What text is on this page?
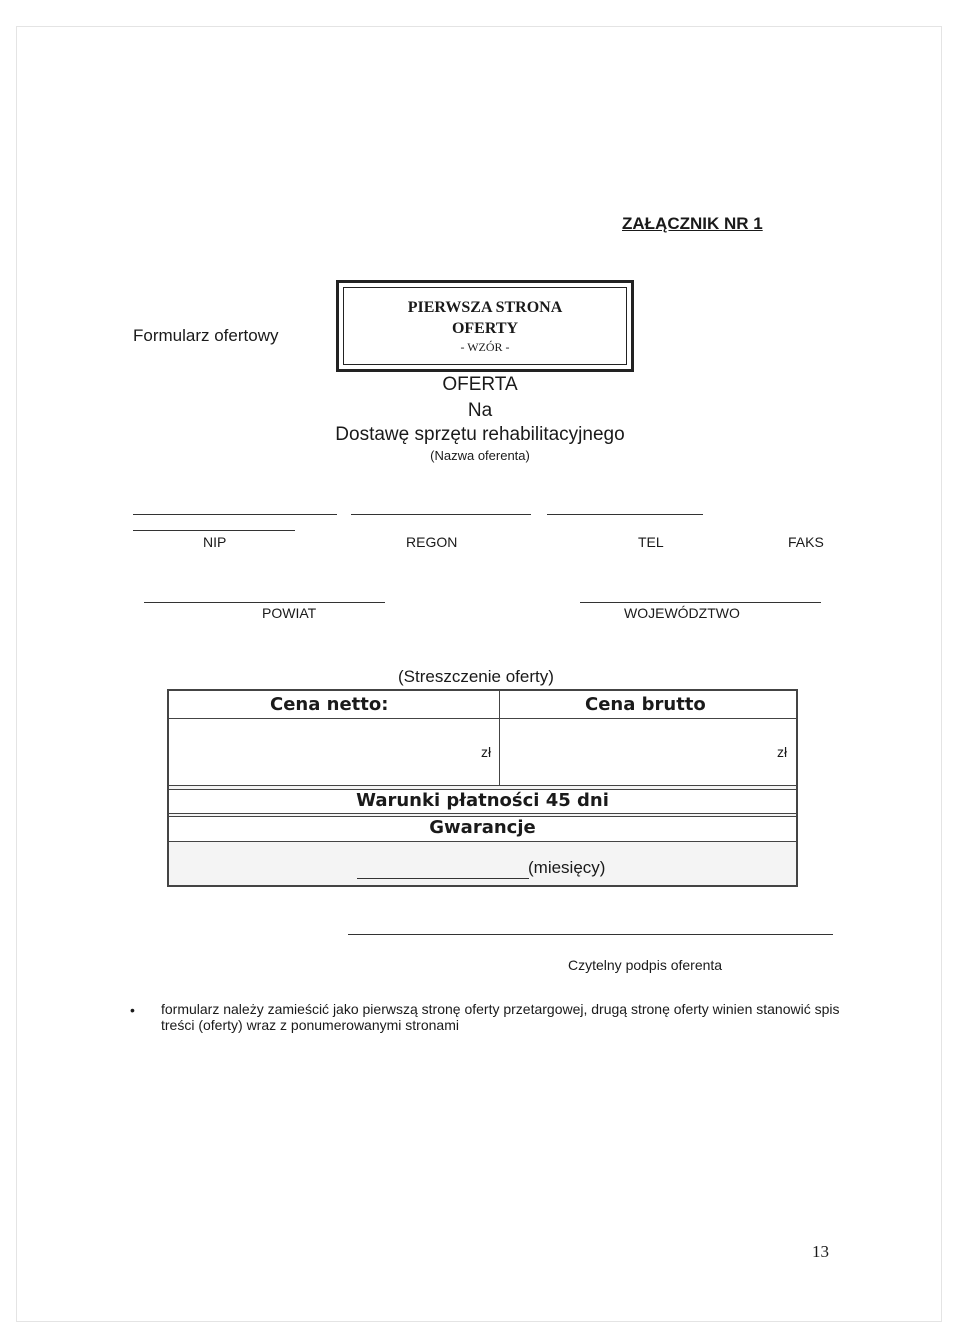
ZAŁĄCZNIK NR 1
Formularz ofertowy
PIERWSZA STRONA
OFERTY
- WZÓR -
OFERTA
Na
Dostawę sprzętu rehabilitacyjnego
(Nazwa oferenta)
NIP	REGON	TEL	FAKS
POWIAT	WOJEWÓDZTWO
(Streszczenie oferty)
Cena netto:	Cena brutto
zł	zł
Warunki płatności 45 dni
Gwarancje
(miesięcy)
Czytelny podpis oferenta
• formularz należy zamieścić jako pierwszą stronę oferty przetargowej, drugą stronę oferty winien stanowić spis treści (oferty) wraz z ponumerowanymi stronami
13
